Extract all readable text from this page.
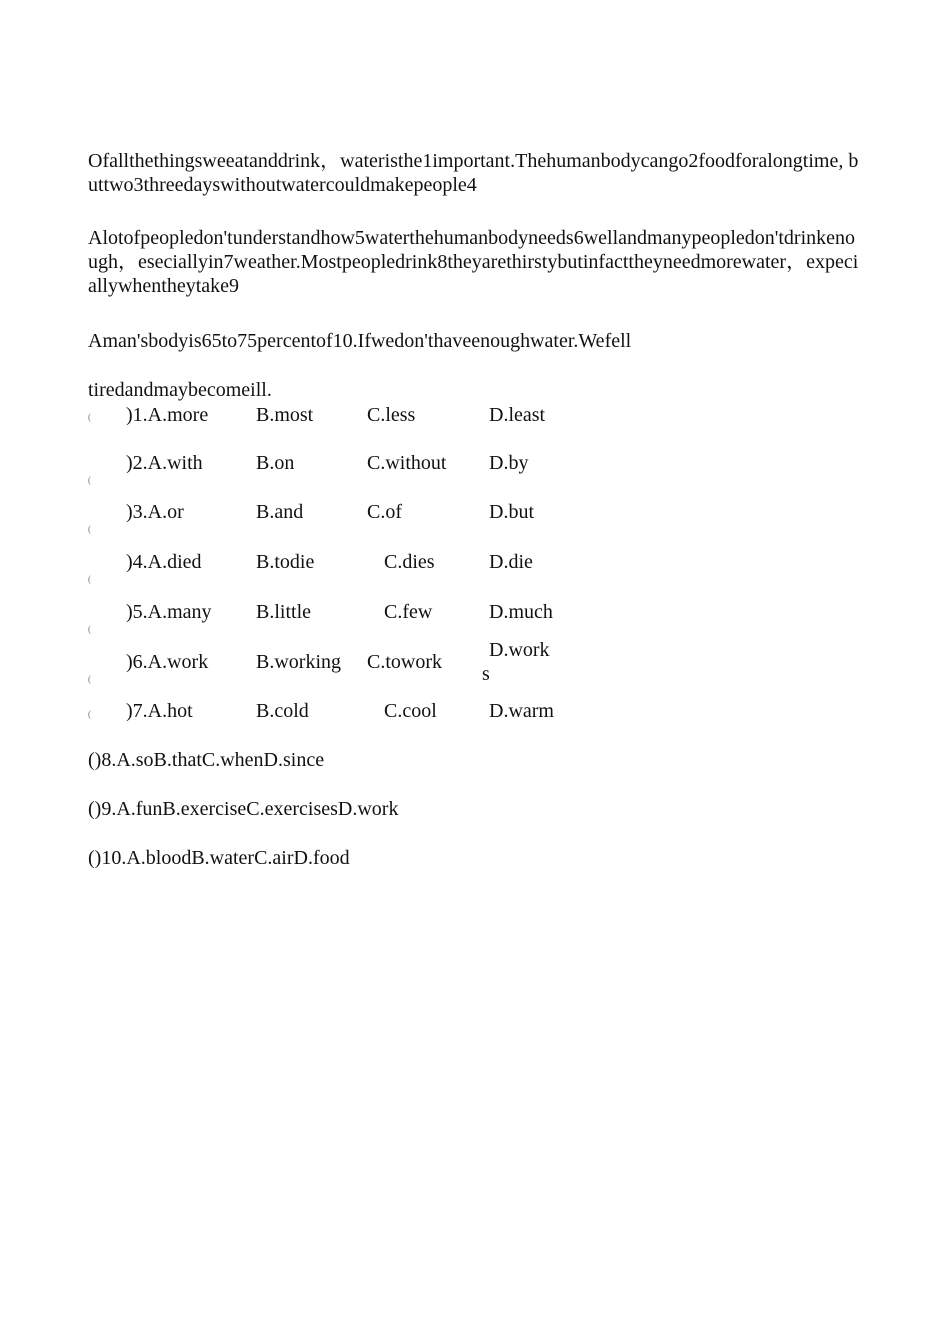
Ofallthethingsweeatanddrink，wateristhe1important.Thehumanbodycango2foodforalongtime, buttwo3threedayswithoutwatercouldmakepeople4

Alotofpeopledon'tunderstandhow5waterthehumanbodyneeds6wellandmanypeopledon'tdrinkenough，eseciallyin7weather.Mostpeopledrink8theyarethirstybutinfacttheyneedmorewater，expeciallywhentheytake9

Aman'sbodyis65to75percentof10.Ifwedon'thaveenoughwater.Wefell

tiredandmaybecomeill.
( )1.A.more B.most	C.less	D.least
(
)2.A.with	B.on	C.without D.by
(
)3.A.or	B.and	C.of	D.but
(
)4.A.died	B.todie	C.dies	D.die
(
)5.A.many B.little	C.few	D.much
(
)6.A.work B.working C.towork
D.work
s
( )7.A.hot	B.cold	C.cool	D.warm
()8.A.soB.thatC.whenD.since
()9.A.funB.exerciseC.exercisesD.work
()10.A.bloodB.waterC.airD.food
